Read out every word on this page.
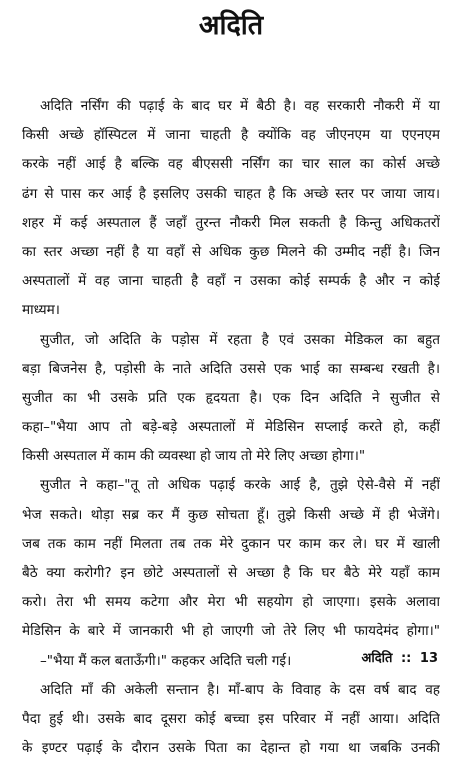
अदिति
अदिति नर्सिंग की पढ़ाई के बाद घर में बैठी है। वह सरकारी नौकरी में या
किसी अच्छे हॉस्पिटल में जाना चाहती है क्योंकि वह जीएनएम या एएनएम
करके नहीं आई है बल्कि वह बीएससी नर्सिंग का चार साल का कोर्स अच्छे
ढंग से पास कर आई है इसलिए उसकी चाहत है कि अच्छे स्तर पर जाया जाय।
शहर में कई अस्पताल हैं जहाँ तुरन्त नौकरी मिल सकती है किन्तु अधिकतरों
का स्तर अच्छा नहीं है या वहाँ से अधिक कुछ मिलने की उम्मीद नहीं है। जिन
अस्पतालों में वह जाना चाहती है वहाँ न उसका कोई सम्पर्क है और न कोई
माध्यम।
सुजीत, जो अदिति के पड़ोस में रहता है एवं उसका मेडिकल का बहुत
बड़ा बिजनेस है, पड़ोसी के नाते अदिति उससे एक भाई का सम्बन्ध रखती है।
सुजीत का भी उसके प्रति एक हृदयता है। एक दिन अदिति ने सुजीत से
कहा–"भैया आप तो बड़े-बड़े अस्पतालों में मेडिसिन सप्लाई करते हो, कहीं
किसी अस्पताल में काम की व्यवस्था हो जाय तो मेरे लिए अच्छा होगा।"
सुजीत ने कहा–"तू तो अधिक पढ़ाई करके आई है, तुझे ऐसे-वैसे में नहीं
भेज सकते। थोड़ा सब्र कर मैं कुछ सोचता हूँ। तुझे किसी अच्छे में ही भेजेंगे।
जब तक काम नहीं मिलता तब तक मेरे दुकान पर काम कर ले। घर में खाली
बैठे क्या करोगी? इन छोटे अस्पतालों से अच्छा है कि घर बैठे मेरे यहाँ काम
करो। तेरा भी समय कटेगा और मेरा भी सहयोग हो जाएगा। इसके अलावा
मेडिसिन के बारे में जानकारी भी हो जाएगी जो तेरे लिए भी फायदेमंद होगा।"
–"भैया मैं कल बताऊँगी।" कहकर अदिति चली गई।
अदिति माँ की अकेली सन्तान है। माँ-बाप के विवाह के दस वर्ष बाद वह
पैदा हुई थी। उसके बाद दूसरा कोई बच्चा इस परिवार में नहीं आया। अदिति
के इण्टर पढ़ाई के दौरान उसके पिता का देहान्त हो गया था जबकि उनकी
अदिति :: 13
